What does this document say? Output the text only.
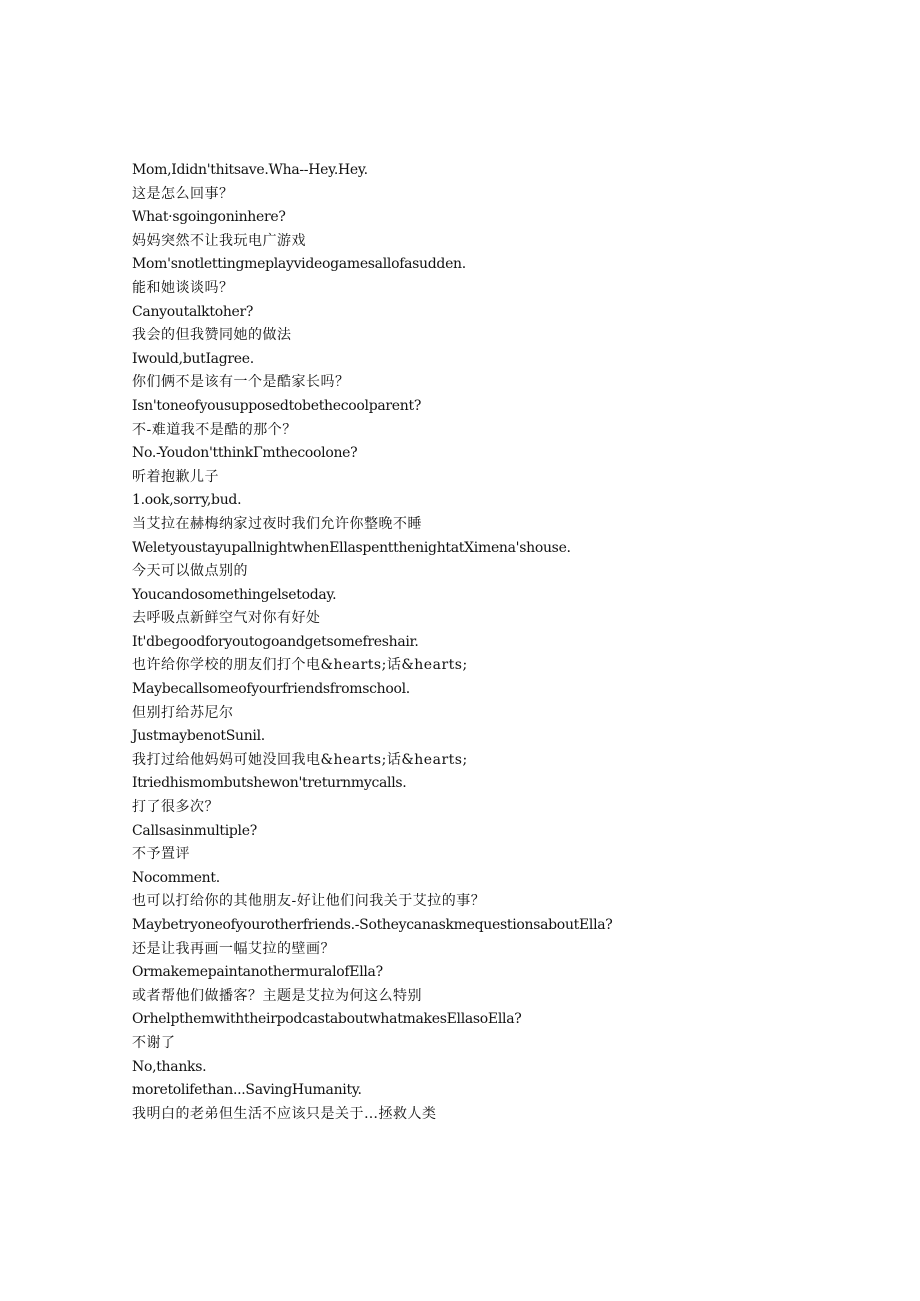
Mom,Ididn'thitsave.Wha--Hey.Hey.
这是怎么回事？
What·sgoingoninhere?
妈妈突然不让我玩电广游戏
Mom'snotlettingmeplayvideogamesallofasudden.
能和她谈谈吗？
Canyoutalktoher?
我会的但我赞同她的做法
Iwould,butIagree.
你们俩不是该有一个是酷家长吗？
Isn'toneofyousupposedtobethecoolparent?
不-难道我不是酷的那个？
No.-Youdon'tthinkΓmthecoolone?
听着抱歉儿子
1.ook,sorry,bud.
当艾拉在赫梅纳家过夜时我们允许你整晚不睡
WeletyoustayupallnightwhenEllaspentthenightatXimena'shouse.
今天可以做点别的
Youcandosomethingelsetoday.
去呼吸点新鲜空气对你有好处
It'dbegoodforyoutogoandgetsomefreshair.
也许给你学校的朋友们打个电&hearts;话&hearts;
Maybecallsomeofyourfriendsfromschool.
但别打给苏尼尔
JustmaybenotSunil.
我打过给他妈妈可她没回我电&hearts;话&hearts;
Itriedhismombutshewon'treturnmycalls.
打了很多次？
Callsasinmultiple?
不予置评
Nocomment.
也可以打给你的其他朋友-好让他们问我关于艾拉的事？
Maybetryoneofyourotherfriends.-SotheycanaskmequestionsaboutElla?
还是让我再画一幅艾拉的壁画？
OrmakemepaintanothermuralofElla?
或者帮他们做播客？主题是艾拉为何这么特别
OrhelpthemwiththeirpodcastaboutwhatmakesEllasoElla?
不谢了
No,thanks.
moretolifethan...SavingHumanity.
我明白的老弟但生活不应该只是关于…拯救人类
